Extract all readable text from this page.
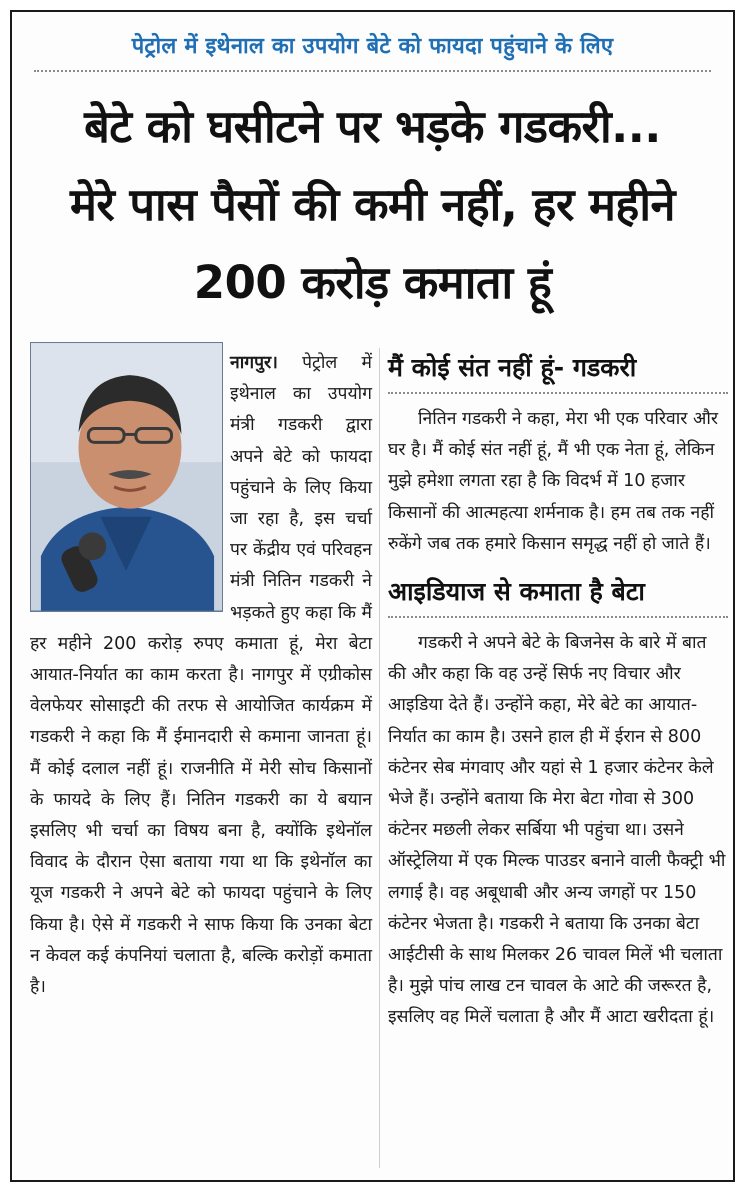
पेट्रोल में इथेनाल का उपयोग बेटे को फायदा पहुंचाने के लिए
बेटे को घसीटने पर भड़के गडकरी...
मेरे पास पैसों की कमी नहीं, हर महीने
200 करोड़ कमाता हूं
नागपुर। पेट्रोल में इथेनाल का उपयोग मंत्री गडकरी द्वारा अपने बेटे को फायदा पहुंचाने के लिए किया जा रहा है, इस चर्चा पर केंद्रीय एवं परिवहन मंत्री नितिन गडकरी ने भड़कते हुए कहा कि मैं हर महीने 200 करोड़ रुपए कमाता हूं, मेरा बेटा आयात-निर्यात का काम करता है। नागपुर में एग्रीकोस वेलफेयर सोसाइटी की तरफ से आयोजित कार्यक्रम में गडकरी ने कहा कि मैं ईमानदारी से कमाना जानता हूं। मैं कोई दलाल नहीं हूं। राजनीति में मेरी सोच किसानों के फायदे के लिए हैं। नितिन गडकरी का ये बयान इसलिए भी चर्चा का विषय बना है, क्योंकि इथेनॉल विवाद के दौरान ऐसा बताया गया था कि इथेनॉल का यूज गडकरी ने अपने बेटे को फायदा पहुंचाने के लिए किया है। ऐसे में गडकरी ने साफ किया कि उनका बेटा न केवल कई कंपनियां चलाता है, बल्कि करोड़ों कमाता है।
मैं कोई संत नहीं हूं- गडकरी

नितिन गडकरी ने कहा, मेरा भी एक परिवार और घर है। मैं कोई संत नहीं हूं, मैं भी एक नेता हूं, लेकिन मुझे हमेशा लगता रहा है कि विदर्भ में 10 हजार किसानों की आत्महत्या शर्मनाक है। हम तब तक नहीं रुकेंगे जब तक हमारे किसान समृद्ध नहीं हो जाते हैं।

आइडियाज से कमाता है बेटा

गडकरी ने अपने बेटे के बिजनेस के बारे में बात की और कहा कि वह उन्हें सिर्फ नए विचार और आइडिया देते हैं। उन्होंने कहा, मेरे बेटे का आयात-निर्यात का काम है। उसने हाल ही में ईरान से 800 कंटेनर सेब मंगवाए और यहां से 1 हजार कंटेनर केले भेजे हैं। उन्होंने बताया कि मेरा बेटा गोवा से 300 कंटेनर मछली लेकर सर्बिया भी पहुंचा था। उसने ऑस्ट्रेलिया में एक मिल्क पाउडर बनाने वाली फैक्ट्री भी लगाई है। वह अबूधाबी और अन्य जगहों पर 150 कंटेनर भेजता है। गडकरी ने बताया कि उनका बेटा आईटीसी के साथ मिलकर 26 चावल मिलें भी चलाता है। मुझे पांच लाख टन चावल के आटे की जरूरत है, इसलिए वह मिलें चलाता है और मैं आटा खरीदता हूं।
